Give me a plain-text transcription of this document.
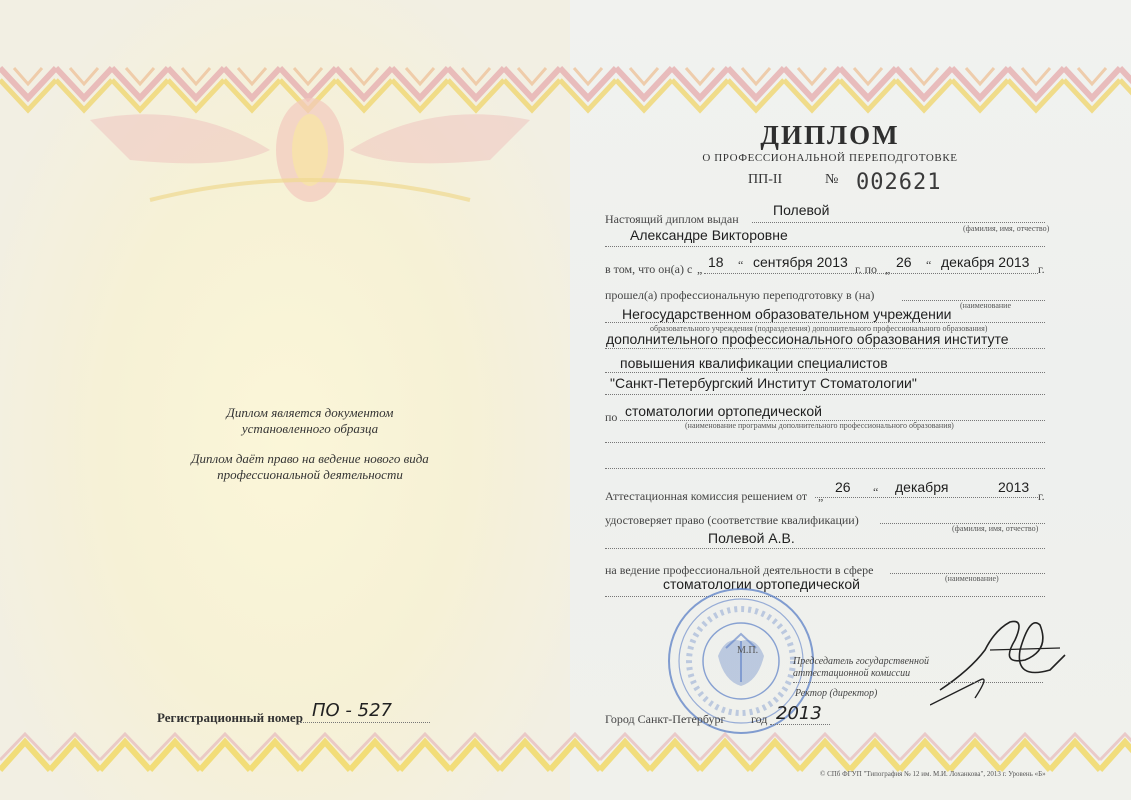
Диплом является документом
установленного образца
Диплом даёт право на ведение нового вида
профессиональной деятельности
Регистрационный номер ПО - 527
ДИПЛОМ
О ПРОФЕССИОНАЛЬНОЙ ПЕРЕПОДГОТОВКЕ
ПП-II	№ 002621
Настоящий диплом выдан
Полевой
(фамилия, имя, отчество)
Александре Викторовне
в том, что он(а) с „ 18 “ сентября 2013 г. по „ 26 “ декабря 2013 г.
прошел(а) профессиональную переподготовку в (на)
(наименование
Негосударственном образовательном учреждении
образовательного учреждения (подразделения) дополнительного профессионального образования)
дополнительного профессионального образования институте
повышения квалификации специалистов
"Санкт-Петербургский Институт Стоматологии"
по стоматологии ортопедической
(наименование программы дополнительного профессионального образования)
Аттестационная комиссия решением от „
26 “ декабря	2013
г.
удостоверяет право (соответствие квалификации)
(фамилия, имя, отчество)
Полевой А.В.
на ведение профессиональной деятельности в сфере
(наименование)
стоматологии ортопедической
М.П.
Председатель государственной
аттестационной комиссии
Ректор (директор)
Город Санкт-Петербург год 2013
© СПб ФГУП "Типография № 12 им. М.И. Лоханкова", 2013 г. Уровень «Б»
